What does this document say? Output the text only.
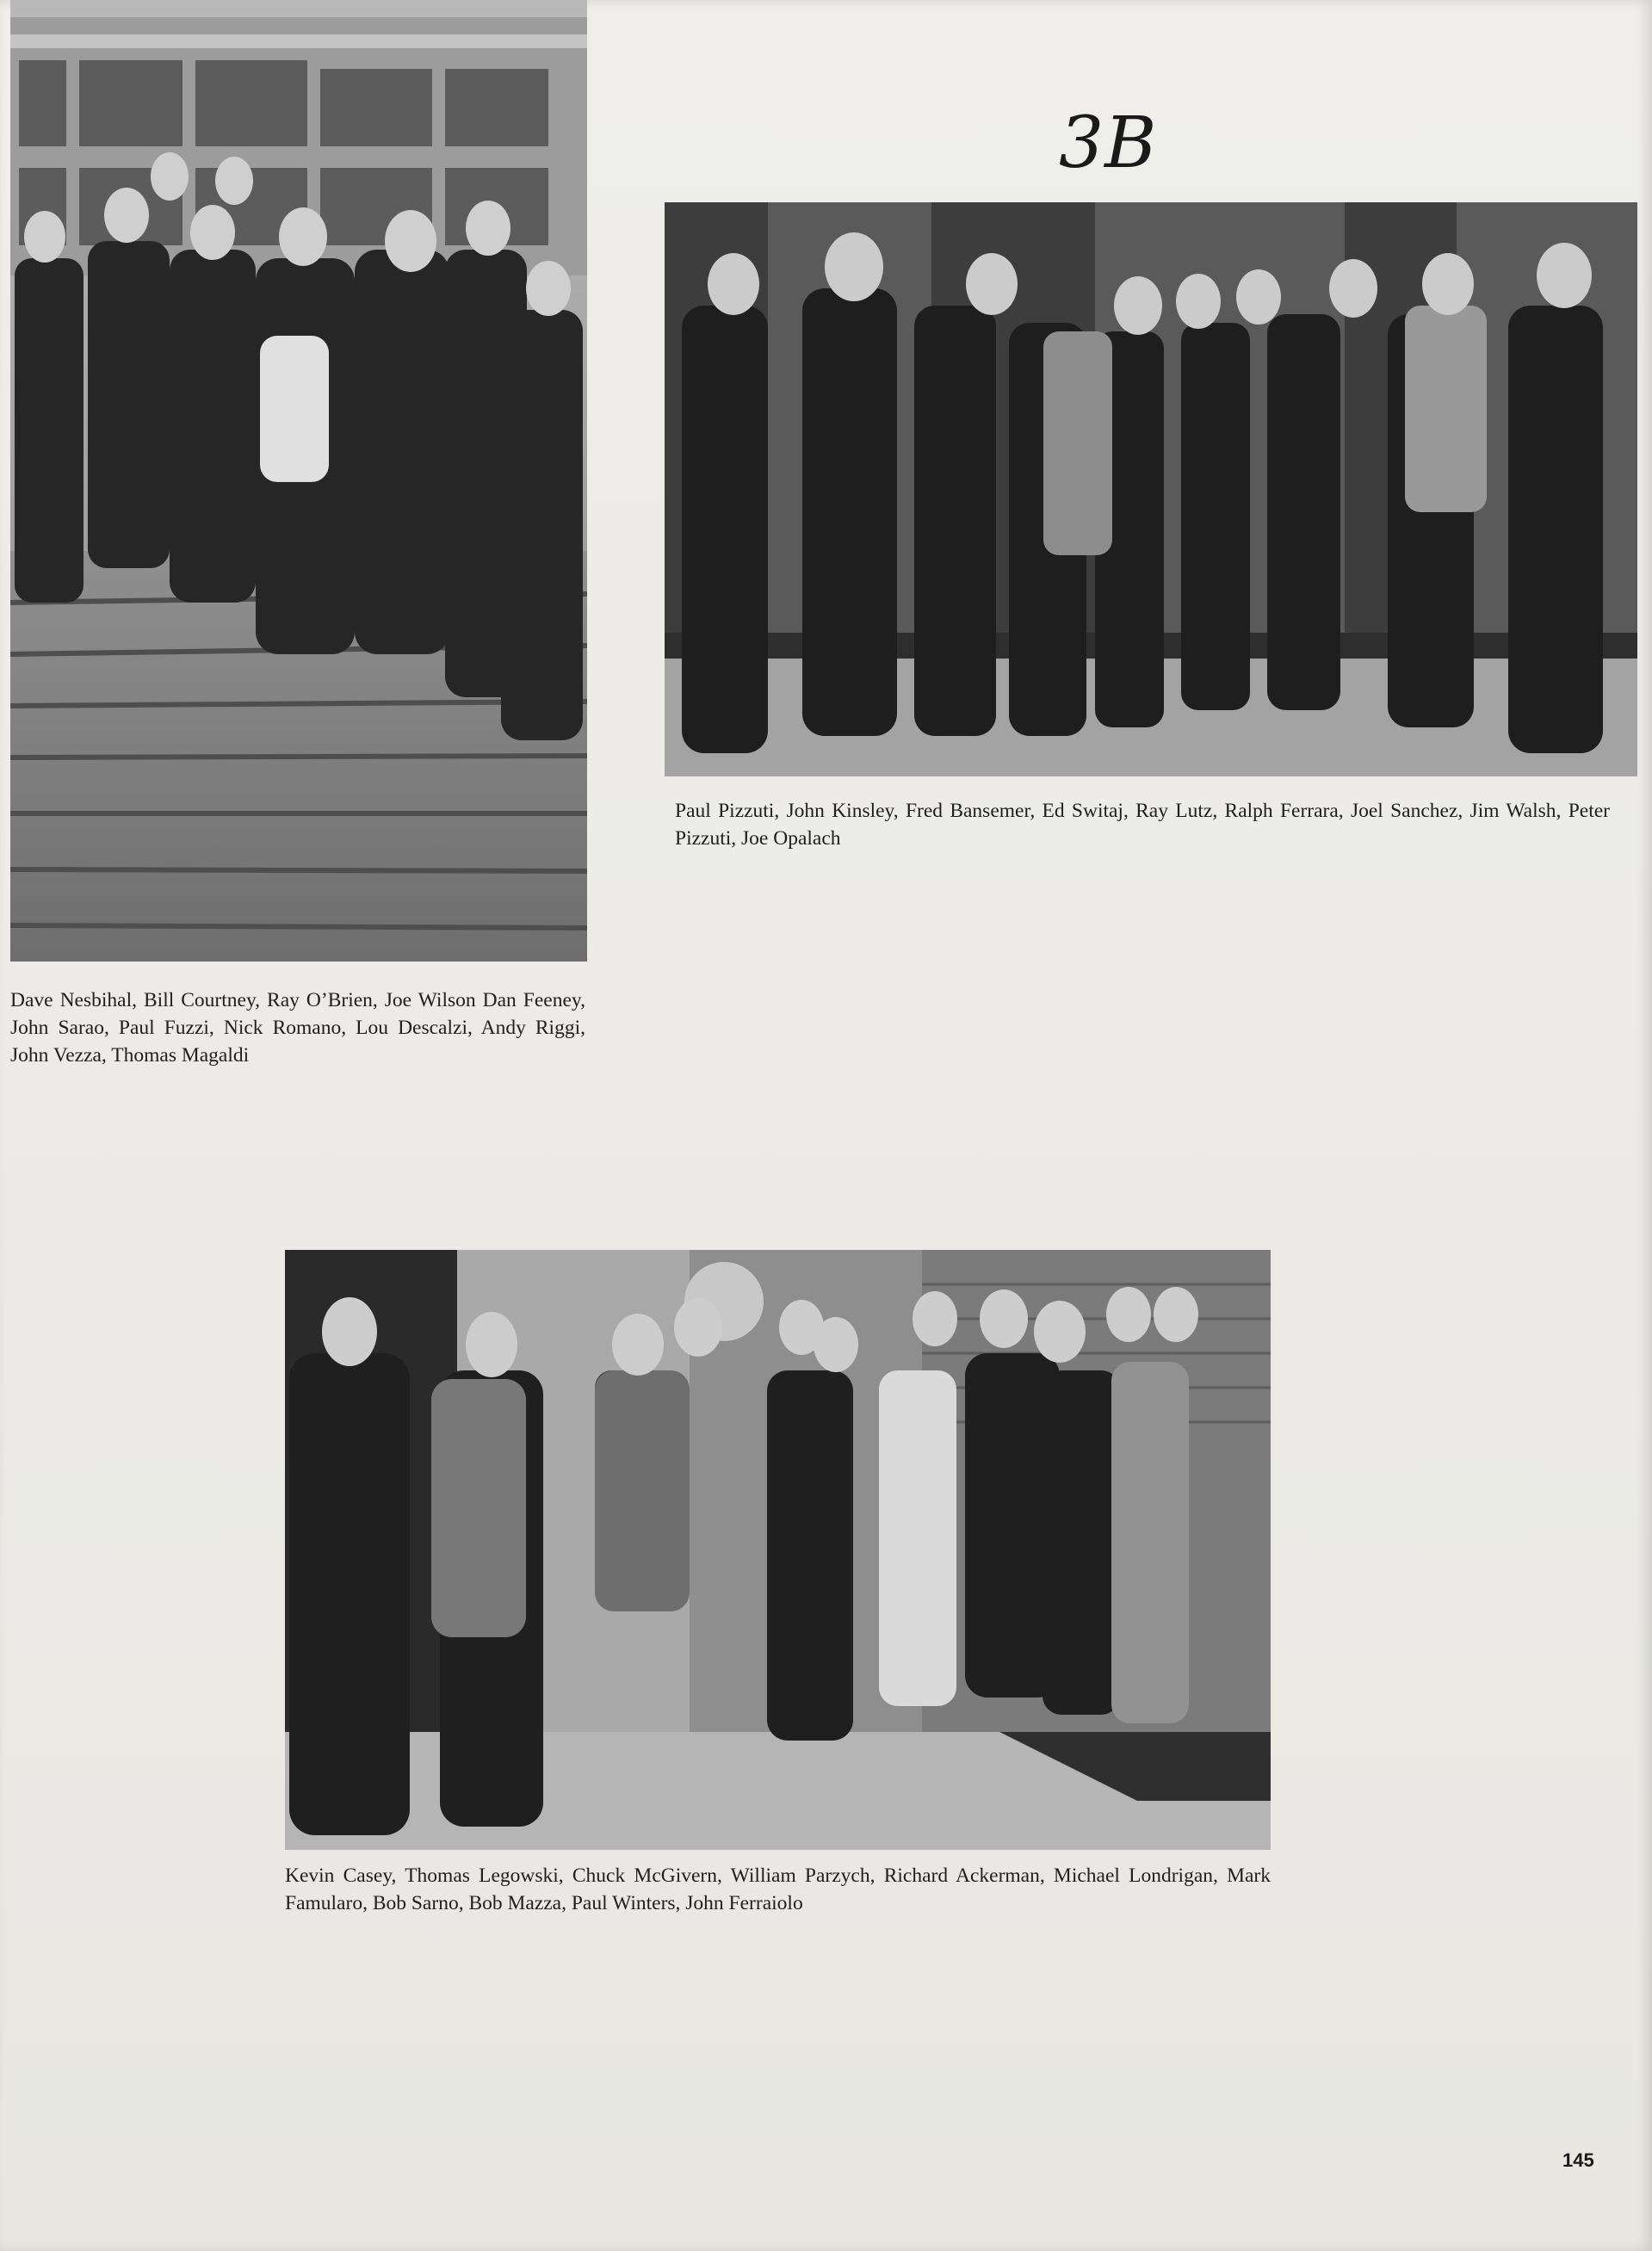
3B
Dave Nesbihal, Bill Courtney, Ray O’Brien, Joe Wilson Dan Feeney, John Sarao, Paul Fuzzi, Nick Romano, Lou Descalzi, Andy Riggi, John Vezza, Thomas Magaldi
Paul Pizzuti, John Kinsley, Fred Bansemer, Ed Switaj, Ray Lutz, Ralph Ferrara, Joel Sanchez, Jim Walsh, Peter Pizzuti, Joe Opalach
Kevin Casey, Thomas Legowski, Chuck McGivern, William Parzych, Richard Ackerman, Michael Londrigan, Mark Famularo, Bob Sarno, Bob Mazza, Paul Winters, John Ferraiolo
145
